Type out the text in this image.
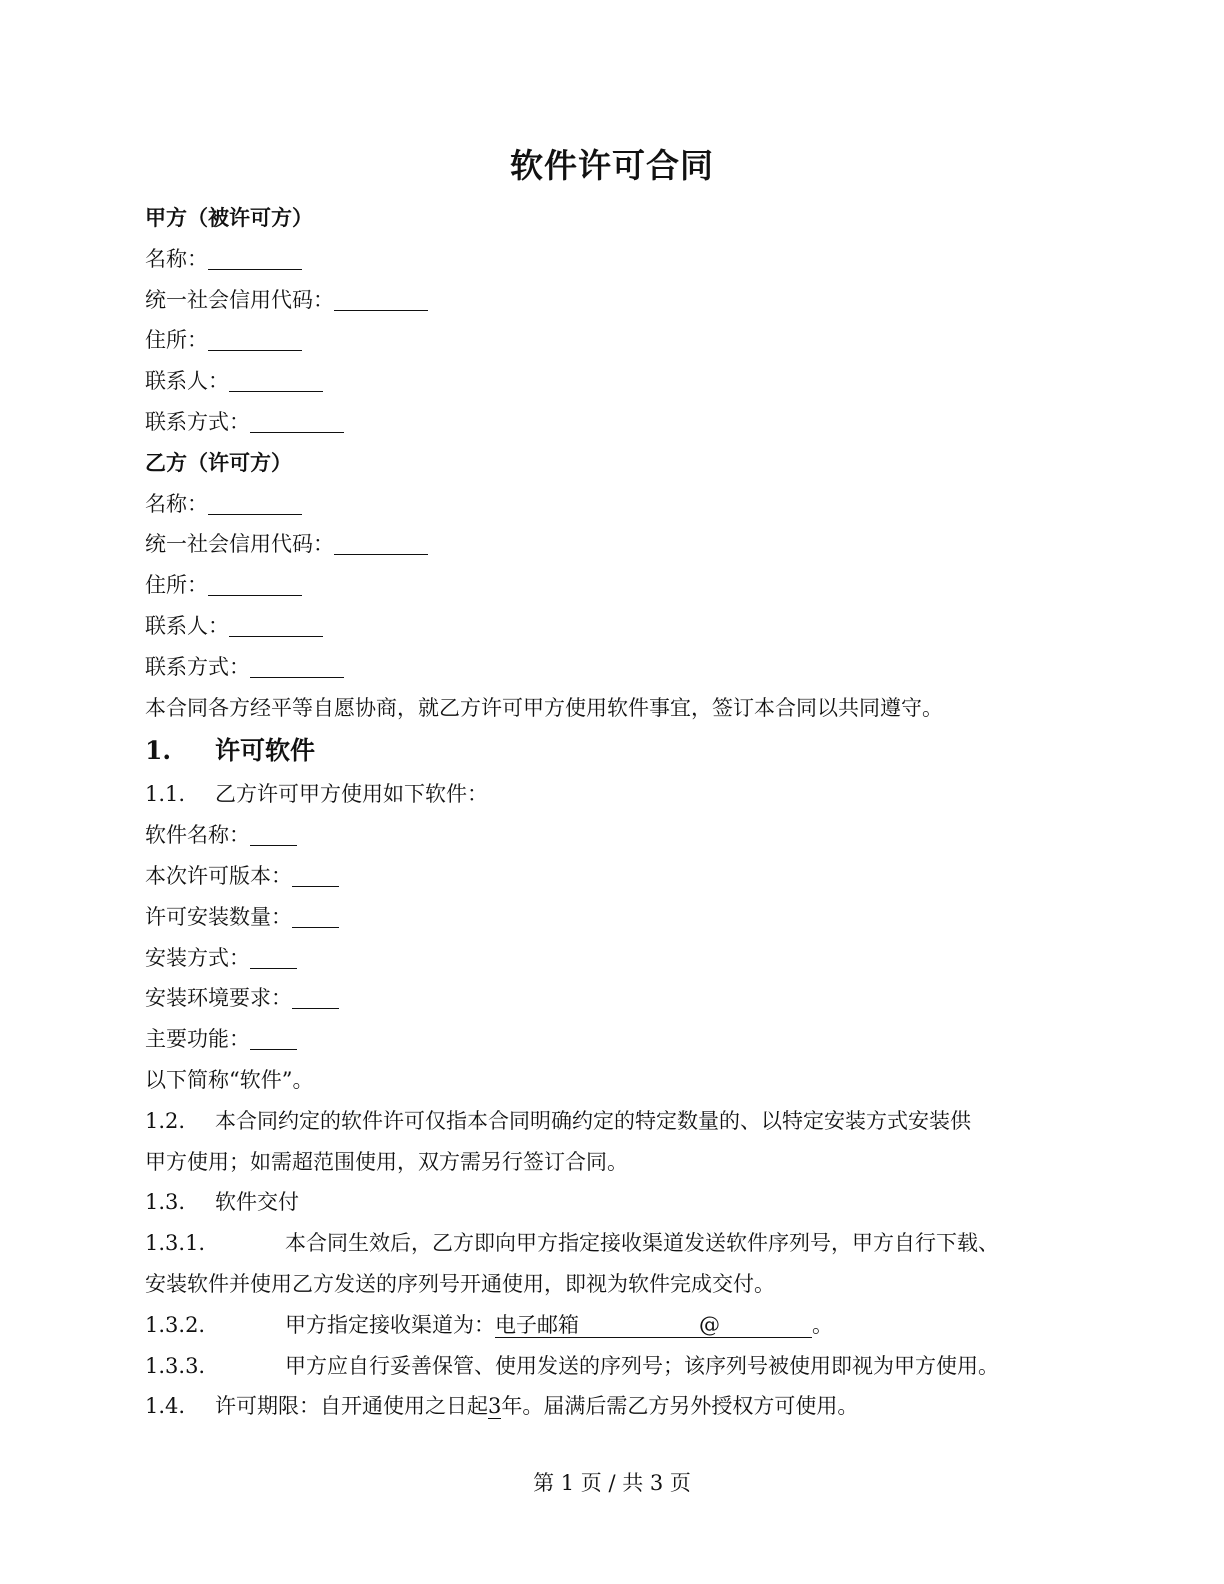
软件许可合同
甲方（被许可方）
名称：
统一社会信用代码：
住所：
联系人：
联系方式：
乙方（许可方）
名称：
统一社会信用代码：
住所：
联系人：
联系方式：
本合同各方经平等自愿协商，就乙方许可甲方使用软件事宜，签订本合同以共同遵守。
1. 许可软件
1.1. 乙方许可甲方使用如下软件：
软件名称：
本次许可版本：
许可安装数量：
安装方式：
安装环境要求：
主要功能：
以下简称“软件”。
1.2. 本合同约定的软件许可仅指本合同明确约定的特定数量的、以特定安装方式安装供
甲方使用；如需超范围使用，双方需另行签订合同。
1.3. 软件交付
1.3.1.	本合同生效后，乙方即向甲方指定接收渠道发送软件序列号，甲方自行下载、
安装软件并使用乙方发送的序列号开通使用，即视为软件完成交付。
1.3.2.	甲方指定接收渠道为：电子邮箱	@	。
1.3.3.	甲方应自行妥善保管、使用发送的序列号；该序列号被使用即视为甲方使用。
1.4. 许可期限：自开通使用之日起3年。届满后需乙方另外授权方可使用。
第 1 页 / 共 3 页
